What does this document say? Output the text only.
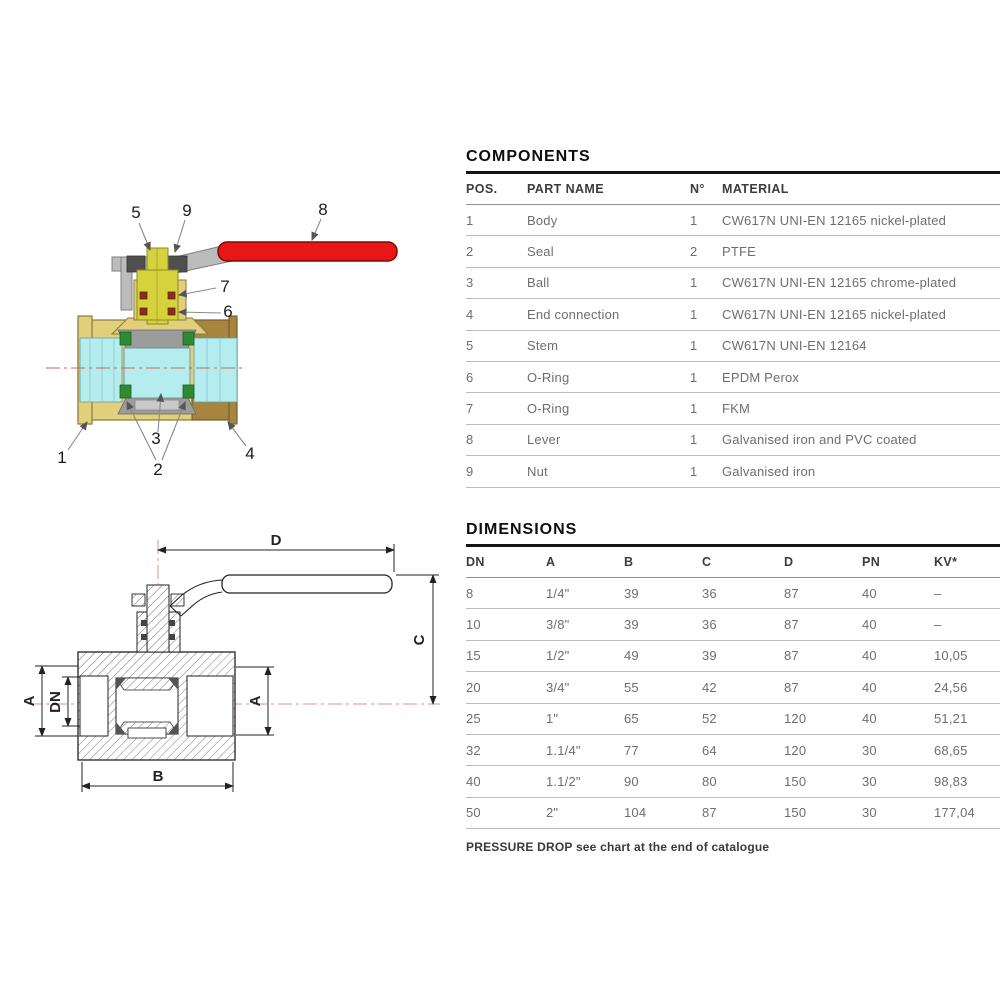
5 9	8
7
6
1
2
3
4
D
C
A DN	A
B
COMPONENTS
POS.	PART NAME	N°	MATERIAL
1	Body	1	CW617N UNI-EN 12165 nickel-plated
2	Seal	2	PTFE
3	Ball	1	CW617N UNI-EN 12165 chrome-plated
4	End connection	1	CW617N UNI-EN 12165 nickel-plated
5	Stem	1	CW617N UNI-EN 12164
6	O-Ring	1	EPDM Perox
7	O-Ring	1	FKM
8	Lever	1	Galvanised iron and PVC coated
9	Nut	1	Galvanised iron
DIMENSIONS
DN	A	B	C	D	PN	KV*
8	1/4"	39	36	87	40	–
10	3/8"	39	36	87	40	–
15	1/2"	49	39	87	40	10,05
20	3/4"	55	42	87	40	24,56
25	1"	65	52	120	40	51,21
32	1.1/4"	77	64	120	30	68,65
40	1.1/2"	90	80	150	30	98,83
50	2"	104	87	150	30	177,04

PRESSURE DROP see chart at the end of catalogue
